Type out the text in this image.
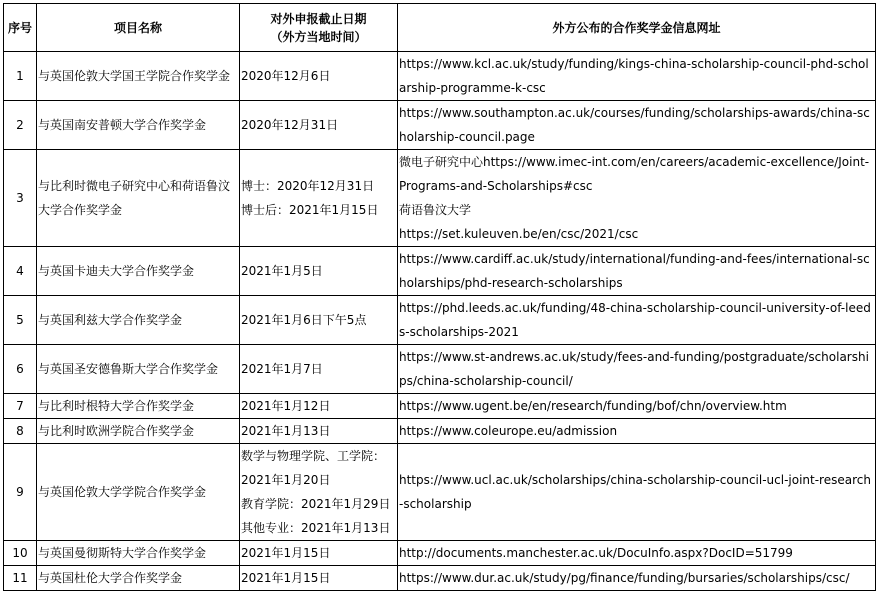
序号	项目名称	对外申报截止日期
（外方当地时间）	外方公布的合作奖学金信息网址
1	与英国伦敦大学国王学院合作奖学金	2020年12月6日	https://www.kcl.ac.uk/study/funding/kings-china-scholarship-council-phd-scholarship-programme-k-csc

2	与英国南安普顿大学合作奖学金	2020年12月31日	https://www.southampton.ac.uk/courses/funding/scholarships-awards/china-scholarship-council.page

3	与比利时微电子研究中心和荷语鲁汶大学合作奖学金	博士：2020年12月31日
博士后：2021年1月15日	微电子研究中心https://www.imec-int.com/en/careers/academic-excellence/Joint-Programs-and-Scholarships#csc
荷语鲁汶大学
https://set.kuleuven.be/en/csc/2021/csc

4	与英国卡迪夫大学合作奖学金	2021年1月5日	https://www.cardiff.ac.uk/study/international/funding-and-fees/international-scholarships/phd-research-scholarships

5	与英国利兹大学合作奖学金	2021年1月6日下午5点	https://phd.leeds.ac.uk/funding/48-china-scholarship-council-university-of-leeds-scholarships-2021

6	与英国圣安德鲁斯大学合作奖学金	2021年1月7日	https://www.st-andrews.ac.uk/study/fees-and-funding/postgraduate/scholarships/china-scholarship-council/

7	与比利时根特大学合作奖学金	2021年1月12日	https://www.ugent.be/en/research/funding/bof/chn/overview.htm

8	与比利时欧洲学院合作奖学金	2021年1月13日	https://www.coleurope.eu/admission

9	与英国伦敦大学学院合作奖学金	数学与物理学院、工学院：
2021年1月20日
教育学院：2021年1月29日
其他专业：2021年1月13日	https://www.ucl.ac.uk/scholarships/china-scholarship-council-ucl-joint-research-scholarship

10	与英国曼彻斯特大学合作奖学金	2021年1月15日	http://documents.manchester.ac.uk/DocuInfo.aspx?DocID=51799

11	与英国杜伦大学合作奖学金	2021年1月15日	https://www.dur.ac.uk/study/pg/finance/funding/bursaries/scholarships/csc/
